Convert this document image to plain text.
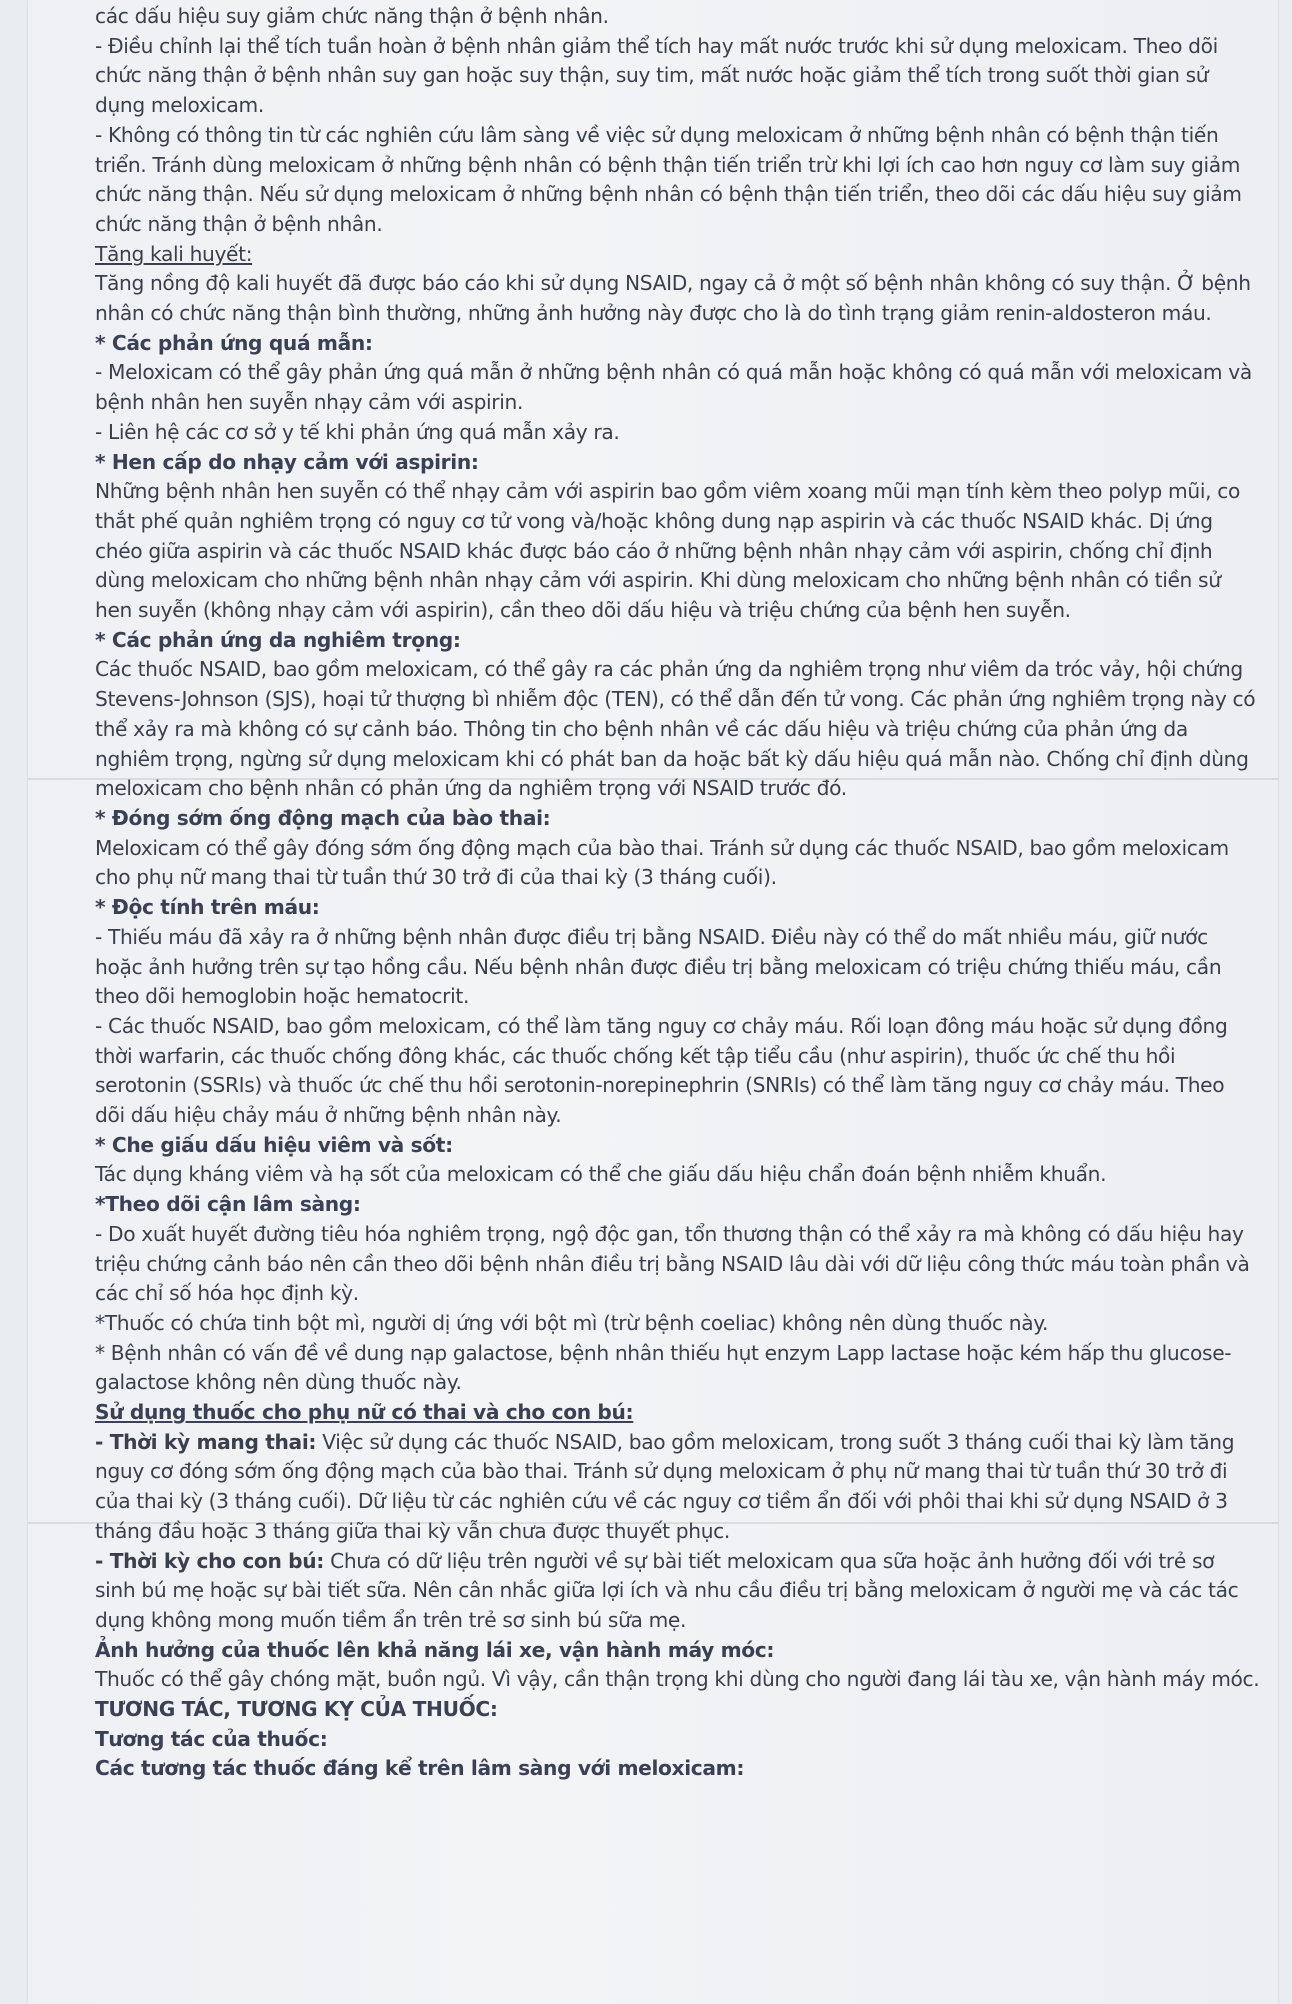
các dấu hiệu suy giảm chức năng thận ở bệnh nhân.

- Điều chỉnh lại thể tích tuần hoàn ở bệnh nhân giảm thể tích hay mất nước trước khi sử dụng meloxicam. Theo dõi chức năng thận ở bệnh nhân suy gan hoặc suy thận, suy tim, mất nước hoặc giảm thể tích trong suốt thời gian sử dụng meloxicam.

- Không có thông tin từ các nghiên cứu lâm sàng về việc sử dụng meloxicam ở những bệnh nhân có bệnh thận tiến triển. Tránh dùng meloxicam ở những bệnh nhân có bệnh thận tiến triển trừ khi lợi ích cao hơn nguy cơ làm suy giảm chức năng thận. Nếu sử dụng meloxicam ở những bệnh nhân có bệnh thận tiến triển, theo dõi các dấu hiệu suy giảm chức năng thận ở bệnh nhân.

Tăng kali huyết:

Tăng nồng độ kali huyết đã được báo cáo khi sử dụng NSAID, ngay cả ở một số bệnh nhân không có suy thận. Ở bệnh nhân có chức năng thận bình thường, những ảnh hưởng này được cho là do tình trạng giảm renin-aldosteron máu.

* Các phản ứng quá mẫn:

- Meloxicam có thể gây phản ứng quá mẫn ở những bệnh nhân có quá mẫn hoặc không có quá mẫn với meloxicam và bệnh nhân hen suyễn nhạy cảm với aspirin.

- Liên hệ các cơ sở y tế khi phản ứng quá mẫn xảy ra.

* Hen cấp do nhạy cảm với aspirin:

Những bệnh nhân hen suyễn có thể nhạy cảm với aspirin bao gồm viêm xoang mũi mạn tính kèm theo polyp mũi, co thắt phế quản nghiêm trọng có nguy cơ tử vong và/hoặc không dung nạp aspirin và các thuốc NSAID khác. Dị ứng chéo giữa aspirin và các thuốc NSAID khác được báo cáo ở những bệnh nhân nhạy cảm với aspirin, chống chỉ định dùng meloxicam cho những bệnh nhân nhạy cảm với aspirin. Khi dùng meloxicam cho những bệnh nhân có tiền sử hen suyễn (không nhạy cảm với aspirin), cần theo dõi dấu hiệu và triệu chứng của bệnh hen suyễn.

* Các phản ứng da nghiêm trọng:

Các thuốc NSAID, bao gồm meloxicam, có thể gây ra các phản ứng da nghiêm trọng như viêm da tróc vảy, hội chứng Stevens-Johnson (SJS), hoại tử thượng bì nhiễm độc (TEN), có thể dẫn đến tử vong. Các phản ứng nghiêm trọng này có thể xảy ra mà không có sự cảnh báo. Thông tin cho bệnh nhân về các dấu hiệu và triệu chứng của phản ứng da nghiêm trọng, ngừng sử dụng meloxicam khi có phát ban da hoặc bất kỳ dấu hiệu quá mẫn nào. Chống chỉ định dùng meloxicam cho bệnh nhân có phản ứng da nghiêm trọng với NSAID trước đó.

* Đóng sớm ống động mạch của bào thai:

Meloxicam có thể gây đóng sớm ống động mạch của bào thai. Tránh sử dụng các thuốc NSAID, bao gồm meloxicam cho phụ nữ mang thai từ tuần thứ 30 trở đi của thai kỳ (3 tháng cuối).

* Độc tính trên máu:

- Thiếu máu đã xảy ra ở những bệnh nhân được điều trị bằng NSAID. Điều này có thể do mất nhiều máu, giữ nước hoặc ảnh hưởng trên sự tạo hồng cầu. Nếu bệnh nhân được điều trị bằng meloxicam có triệu chứng thiếu máu, cần theo dõi hemoglobin hoặc hematocrit.

- Các thuốc NSAID, bao gồm meloxicam, có thể làm tăng nguy cơ chảy máu. Rối loạn đông máu hoặc sử dụng đồng thời warfarin, các thuốc chống đông khác, các thuốc chống kết tập tiểu cầu (như aspirin), thuốc ức chế thu hồi serotonin (SSRIs) và thuốc ức chế thu hồi serotonin-norepinephrin (SNRIs) có thể làm tăng nguy cơ chảy máu. Theo dõi dấu hiệu chảy máu ở những bệnh nhân này.

* Che giấu dấu hiệu viêm và sốt:

Tác dụng kháng viêm và hạ sốt của meloxicam có thể che giấu dấu hiệu chẩn đoán bệnh nhiễm khuẩn.

*Theo dõi cận lâm sàng:

- Do xuất huyết đường tiêu hóa nghiêm trọng, ngộ độc gan, tổn thương thận có thể xảy ra mà không có dấu hiệu hay triệu chứng cảnh báo nên cần theo dõi bệnh nhân điều trị bằng NSAID lâu dài với dữ liệu công thức máu toàn phần và các chỉ số hóa học định kỳ.

*Thuốc có chứa tinh bột mì, người dị ứng với bột mì (trừ bệnh coeliac) không nên dùng thuốc này.

* Bệnh nhân có vấn đề về dung nạp galactose, bệnh nhân thiếu hụt enzym Lapp lactase hoặc kém hấp thu glucose-galactose không nên dùng thuốc này.

Sử dụng thuốc cho phụ nữ có thai và cho con bú:

- Thời kỳ mang thai: Việc sử dụng các thuốc NSAID, bao gồm meloxicam, trong suốt 3 tháng cuối thai kỳ làm tăng nguy cơ đóng sớm ống động mạch của bào thai. Tránh sử dụng meloxicam ở phụ nữ mang thai từ tuần thứ 30 trở đi của thai kỳ (3 tháng cuối). Dữ liệu từ các nghiên cứu về các nguy cơ tiềm ẩn đối với phôi thai khi sử dụng NSAID ở 3 tháng đầu hoặc 3 tháng giữa thai kỳ vẫn chưa được thuyết phục.

- Thời kỳ cho con bú: Chưa có dữ liệu trên người về sự bài tiết meloxicam qua sữa hoặc ảnh hưởng đối với trẻ sơ sinh bú mẹ hoặc sự bài tiết sữa. Nên cân nhắc giữa lợi ích và nhu cầu điều trị bằng meloxicam ở người mẹ và các tác dụng không mong muốn tiềm ẩn trên trẻ sơ sinh bú sữa mẹ.

Ảnh hưởng của thuốc lên khả năng lái xe, vận hành máy móc:

Thuốc có thể gây chóng mặt, buồn ngủ. Vì vậy, cần thận trọng khi dùng cho người đang lái tàu xe, vận hành máy móc.

TƯƠNG TÁC, TƯƠNG KỴ CỦA THUỐC:

Tương tác của thuốc:

Các tương tác thuốc đáng kể trên lâm sàng với meloxicam:
